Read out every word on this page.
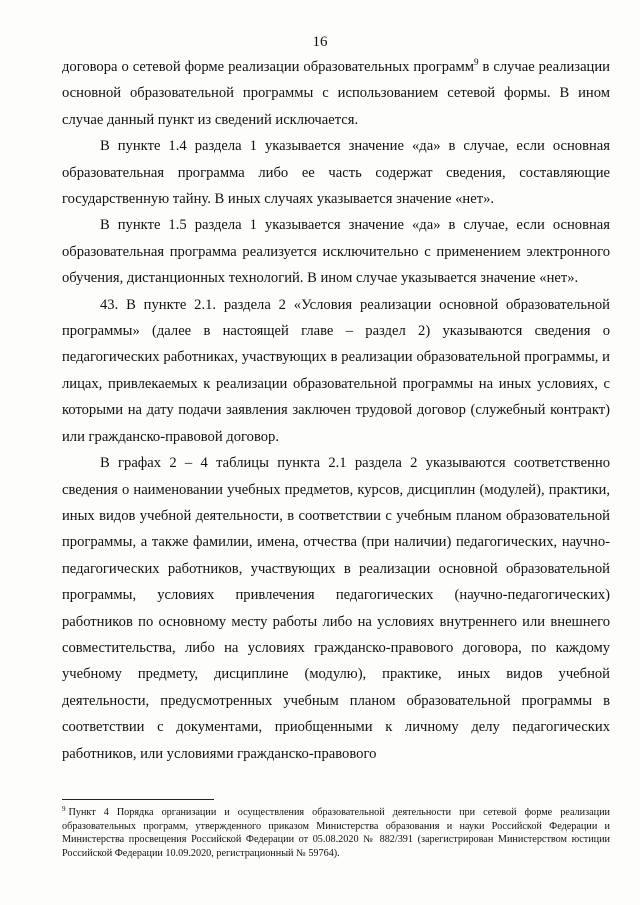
16

договора о сетевой форме реализации образовательных программ$^9$ в случае реализации основной образовательной программы с использованием сетевой формы. В ином случае данный пункт из сведений исключается.

В пункте 1.4 раздела 1 указывается значение «да» в случае, если основная образовательная программа либо ее часть содержат сведения, составляющие государственную тайну. В иных случаях указывается значение «нет».

В пункте 1.5 раздела 1 указывается значение «да» в случае, если основная образовательная программа реализуется исключительно с применением электронного обучения, дистанционных технологий. В ином случае указывается значение «нет».

43. В пункте 2.1. раздела 2 «Условия реализации основной образовательной программы» (далее в настоящей главе – раздел 2) указываются сведения о педагогических работниках, участвующих в реализации образовательной программы, и лицах, привлекаемых к реализации образовательной программы на иных условиях, с которыми на дату подачи заявления заключен трудовой договор (служебный контракт) или гражданско-правовой договор.

В графах 2 – 4 таблицы пункта 2.1 раздела 2 указываются соответственно сведения о наименовании учебных предметов, курсов, дисциплин (модулей), практики, иных видов учебной деятельности, в соответствии с учебным планом образовательной программы, а также фамилии, имена, отчества (при наличии) педагогических, научно-педагогических работников, участвующих в реализации основной образовательной программы, условиях привлечения педагогических (научно-педагогических) работников по основному месту работы либо на условиях внутреннего или внешнего совместительства, либо на условиях гражданско-правового договора, по каждому учебному предмету, дисциплине (модулю), практике, иных видов учебной деятельности, предусмотренных учебным планом образовательной программы в соответствии с документами, приобщенными к личному делу педагогических работников, или условиями гражданско-правового

$^9$ Пункт 4 Порядка организации и осуществления образовательной деятельности при сетевой форме реализации образовательных программ, утвержденного приказом Министерства образования и науки Российской Федерации и Министерства просвещения Российской Федерации от 05.08.2020 № 882/391 (зарегистрирован Министерством юстиции Российской Федерации 10.09.2020, регистрационный № 59764).
